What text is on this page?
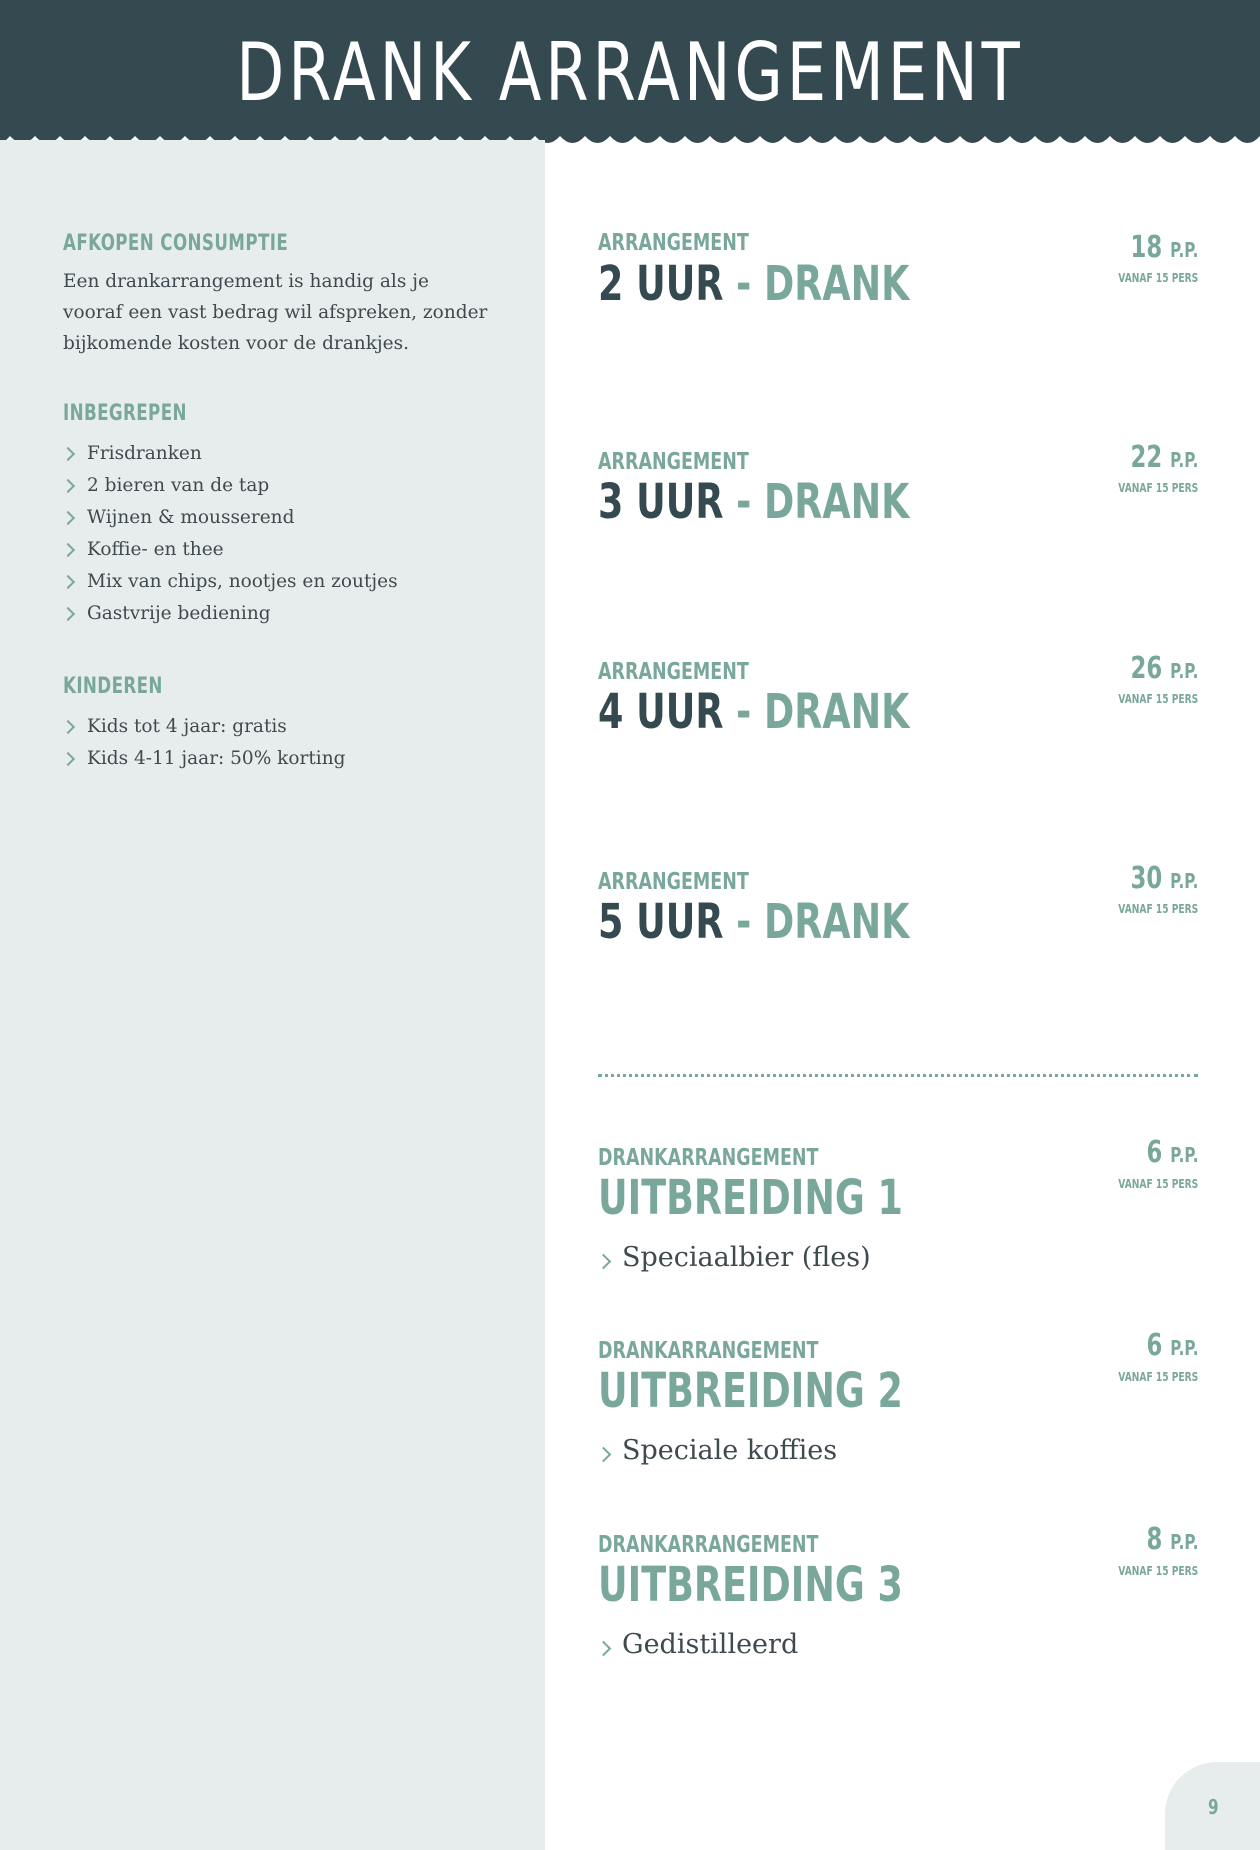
DRANK ARRANGEMENT
AFKOPEN CONSUMPTIE

Een drankarrangement is handig als je vooraf een vast bedrag wil afspreken, zonder bijkomende kosten voor de drankjes.

INBEGREPEN
Frisdranken
2 bieren van de tap
Wijnen & mousserend
Koffie- en thee
Mix van chips, nootjes en zoutjes
Gastvrije bediening
KINDEREN
Kids tot 4 jaar: gratis
Kids 4-11 jaar: 50% korting
ARRANGEMENT
2 UUR - DRANK
18 P.P.
VANAF 15 PERS
ARRANGEMENT
3 UUR - DRANK
22 P.P.
VANAF 15 PERS
ARRANGEMENT
4 UUR - DRANK
26 P.P.
VANAF 15 PERS
ARRANGEMENT
5 UUR - DRANK
30 P.P.
VANAF 15 PERS
DRANKARRANGEMENT
UITBREIDING 1
6 P.P.
VANAF 15 PERS
Speciaalbier (fles)
DRANKARRANGEMENT
UITBREIDING 2
6 P.P.
VANAF 15 PERS
Speciale koffies
DRANKARRANGEMENT
UITBREIDING 3
8 P.P.
VANAF 15 PERS
Gedistilleerd
9
